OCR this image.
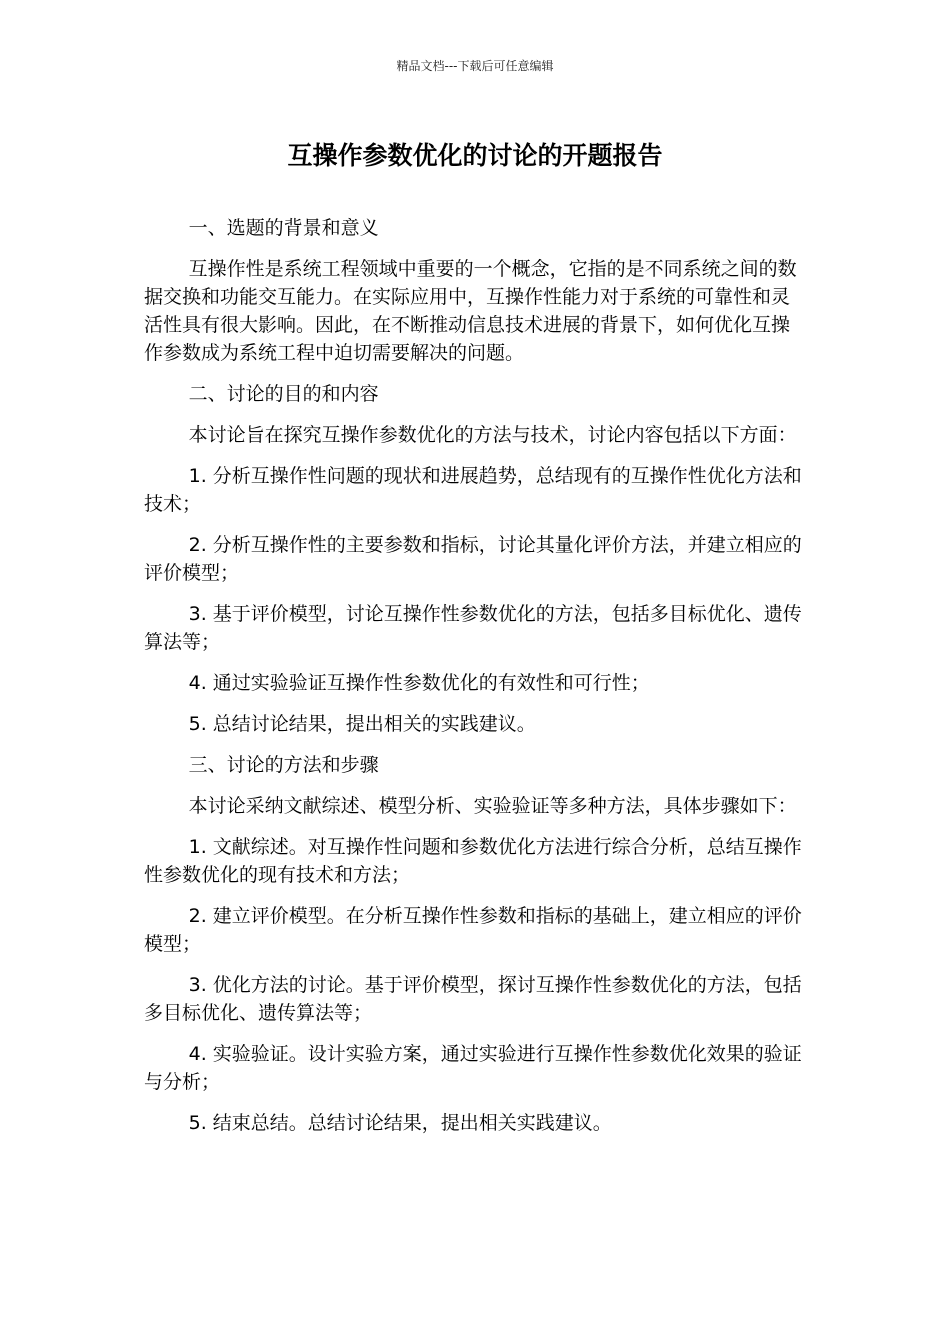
精品文档---下载后可任意编辑
互操作参数优化的讨论的开题报告

一、选题的背景和意义

互操作性是系统工程领域中重要的一个概念，它指的是不同系统之间的数据交换和功能交互能力。在实际应用中，互操作性能力对于系统的可靠性和灵活性具有很大影响。因此，在不断推动信息技术进展的背景下，如何优化互操作参数成为系统工程中迫切需要解决的问题。

二、讨论的目的和内容

本讨论旨在探究互操作参数优化的方法与技术，讨论内容包括以下方面：

1. 分析互操作性问题的现状和进展趋势，总结现有的互操作性优化方法和技术；

2. 分析互操作性的主要参数和指标，讨论其量化评价方法，并建立相应的评价模型；

3. 基于评价模型，讨论互操作性参数优化的方法，包括多目标优化、遗传算法等；

4. 通过实验验证互操作性参数优化的有效性和可行性；

5. 总结讨论结果，提出相关的实践建议。

三、讨论的方法和步骤

本讨论采纳文献综述、模型分析、实验验证等多种方法，具体步骤如下：

1. 文献综述。对互操作性问题和参数优化方法进行综合分析，总结互操作性参数优化的现有技术和方法；

2. 建立评价模型。在分析互操作性参数和指标的基础上，建立相应的评价模型；

3. 优化方法的讨论。基于评价模型，探讨互操作性参数优化的方法，包括多目标优化、遗传算法等；

4. 实验验证。设计实验方案，通过实验进行互操作性参数优化效果的验证与分析；

5. 结束总结。总结讨论结果，提出相关实践建议。
